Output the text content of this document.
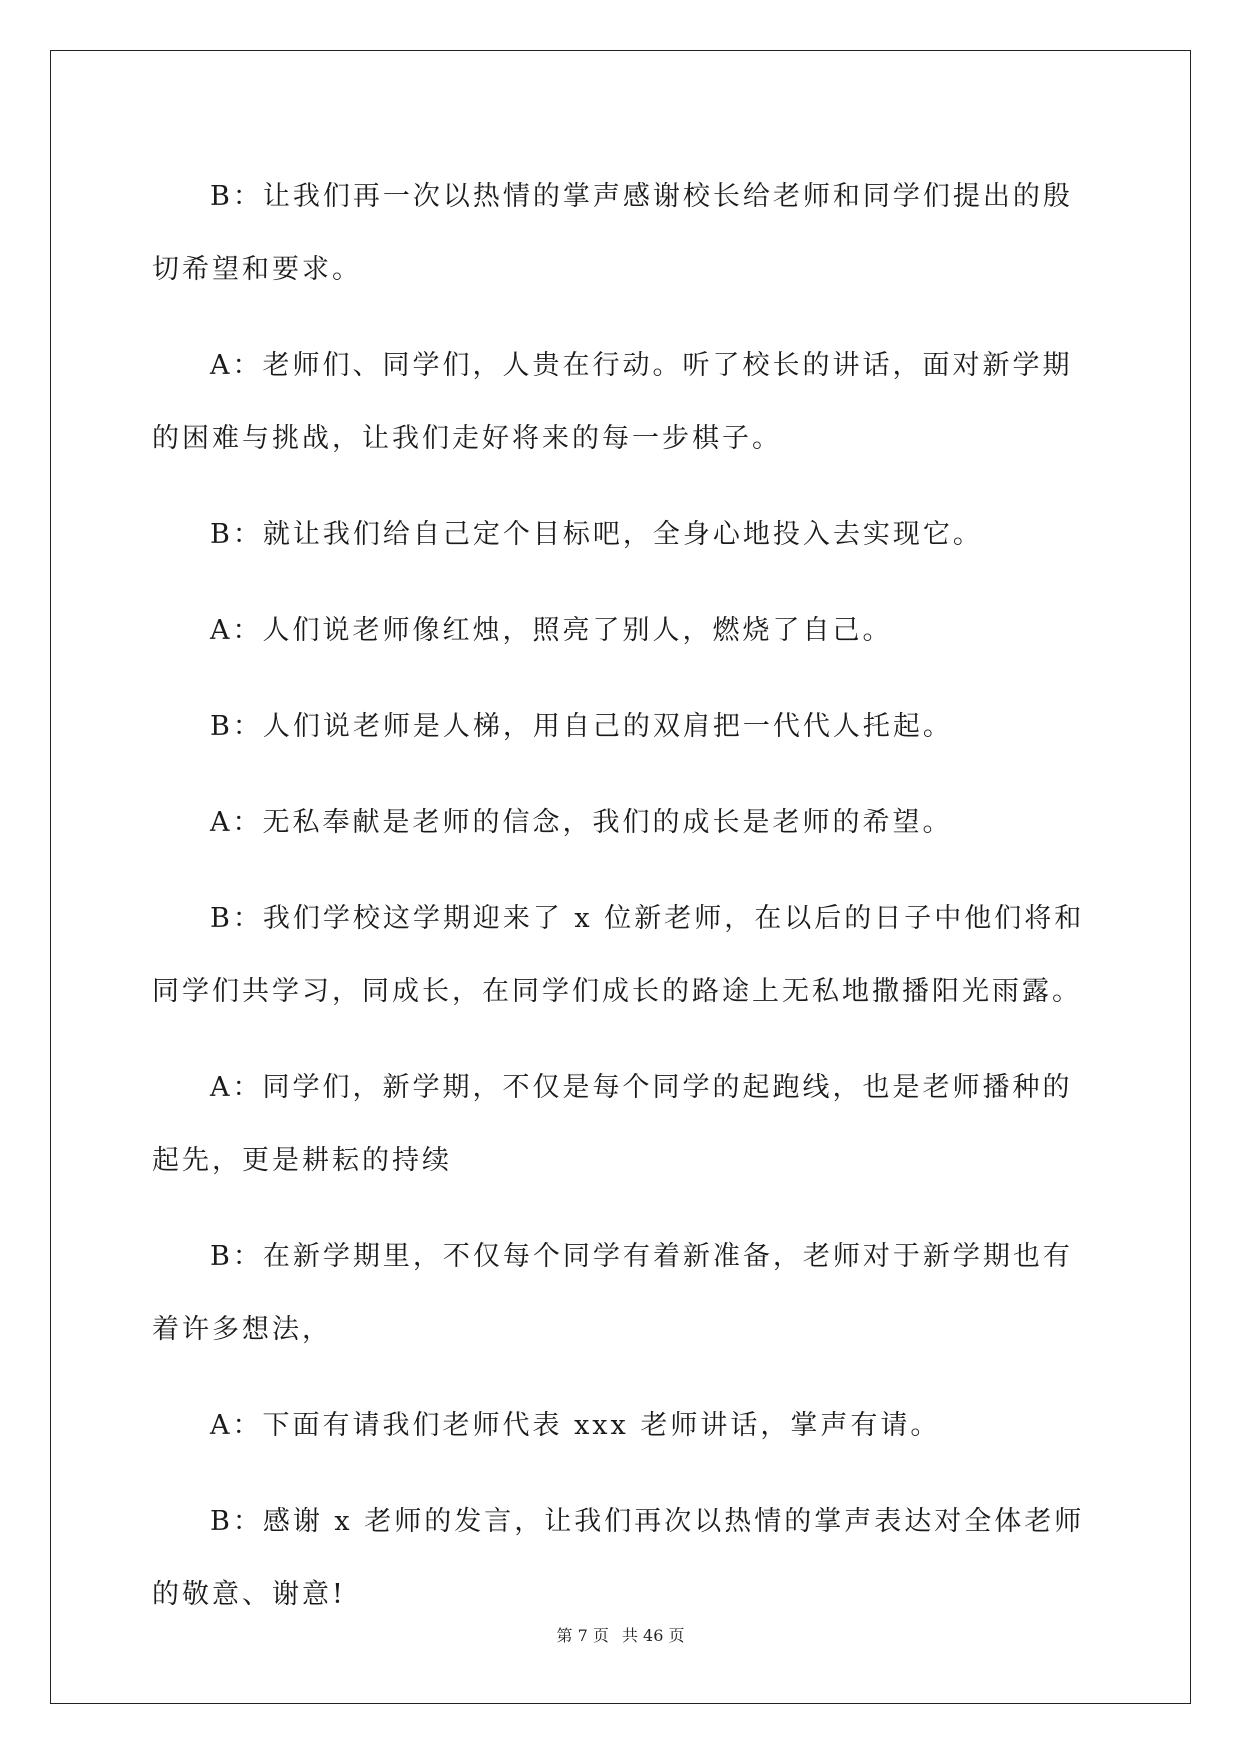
B：让我们再一次以热情的掌声感谢校长给老师和同学们提出的殷切希望和要求。

A：老师们、同学们，人贵在行动。听了校长的讲话，面对新学期的困难与挑战，让我们走好将来的每一步棋子。

B：就让我们给自己定个目标吧，全身心地投入去实现它。

A：人们说老师像红烛，照亮了别人，燃烧了自己。

B：人们说老师是人梯，用自己的双肩把一代代人托起。

A：无私奉献是老师的信念，我们的成长是老师的希望。

B：我们学校这学期迎来了 x 位新老师，在以后的日子中他们将和同学们共学习，同成长，在同学们成长的路途上无私地撒播阳光雨露。

A：同学们，新学期，不仅是每个同学的起跑线，也是老师播种的起先，更是耕耘的持续

B：在新学期里，不仅每个同学有着新准备，老师对于新学期也有着许多想法，

A：下面有请我们老师代表 xxx 老师讲话，掌声有请。

B：感谢 x 老师的发言，让我们再次以热情的掌声表达对全体老师的敬意、谢意!

第 7 页 共 46 页
